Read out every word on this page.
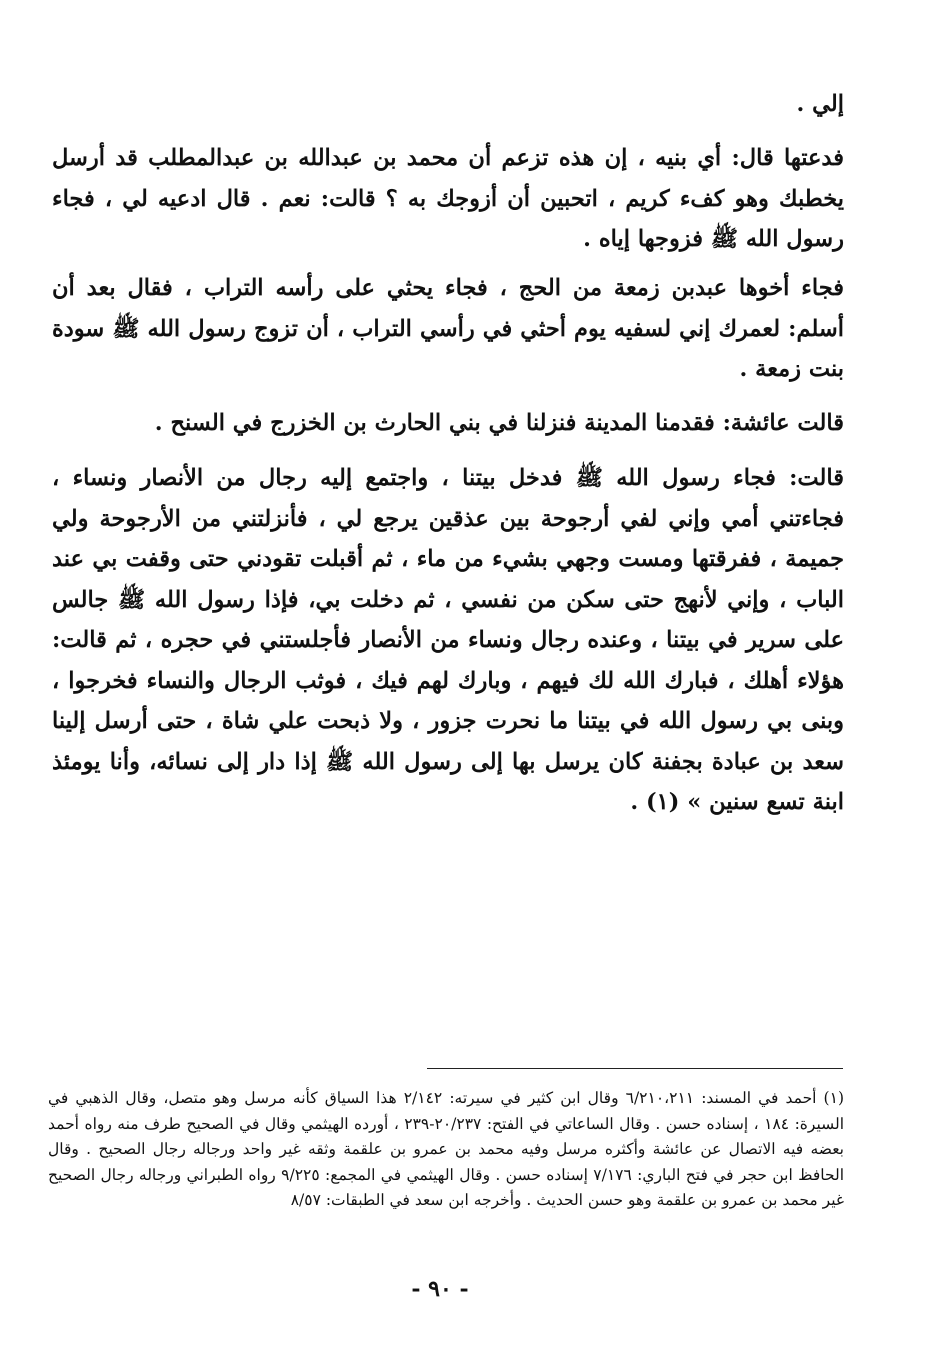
إلي .

فدعتها قال: أي بنيه ، إن هذه تزعم أن محمد بن عبدالله بن عبدالمطلب قد أرسل يخطبك وهو كفء كريم ، اتحبين أن أزوجك به ؟ قالت: نعم . قال ادعيه لي ، فجاء رسول الله ﷺ فزوجها إياه .

فجاء أخوها عبدبن زمعة من الحج ، فجاء يحثي على رأسه التراب ، فقال بعد أن أسلم: لعمرك إني لسفيه يوم أحثي في رأسي التراب ، أن تزوج رسول الله ﷺ سودة بنت زمعة .

قالت عائشة: فقدمنا المدينة فنزلنا في بني الحارث بن الخزرج في السنح .

قالت: فجاء رسول الله ﷺ فدخل بيتنا ، واجتمع إليه رجال من الأنصار ونساء ، فجاءتني أمي وإني لفي أرجوحة بين عذقين يرجع لي ، فأنزلتني من الأرجوحة ولي جميمة ، ففرقتها ومست وجهي بشيء من ماء ، ثم أقبلت تقودني حتى وقفت بي عند الباب ، وإني لأنهج حتى سكن من نفسي ، ثم دخلت بي، فإذا رسول الله ﷺ جالس على سرير في بيتنا ، وعنده رجال ونساء من الأنصار فأجلستني في حجره ، ثم قالت: هؤلاء أهلك ، فبارك الله لك فيهم ، وبارك لهم فيك ، فوثب الرجال والنساء فخرجوا ، وبنى بي رسول الله في بيتنا ما نحرت جزور ، ولا ذبحت علي شاة ، حتى أرسل إلينا سعد بن عبادة بجفنة كان يرسل بها إلى رسول الله ﷺ إذا دار إلى نسائه، وأنا يومئذ ابنة تسع سنين » (١) .

(١) أحمد في المسند: ٦/٢١٠،٢١١ وقال ابن كثير في سيرته: ٢/١٤٢ هذا السياق كأنه مرسل وهو متصل، وقال الذهبي في السيرة: ١٨٤ ، إسناده حسن . وقال الساعاتي في الفتح: ٢٠/٢٣٧-٢٣٩ ، أورده الهيثمي وقال في الصحيح طرف منه رواه أحمد بعضه فيه الاتصال عن عائشة وأكثره مرسل وفيه محمد بن عمرو بن علقمة وثقه غير واحد ورجاله رجال الصحيح . وقال الحافظ ابن حجر في فتح الباري: ٧/١٧٦ إسناده حسن . وقال الهيثمي في المجمع: ٩/٢٢٥ رواه الطبراني ورجاله رجال الصحيح غير محمد بن عمرو بن علقمة وهو حسن الحديث . وأخرجه ابن سعد في الطبقات: ٨/٥٧

- ٩٠ -
